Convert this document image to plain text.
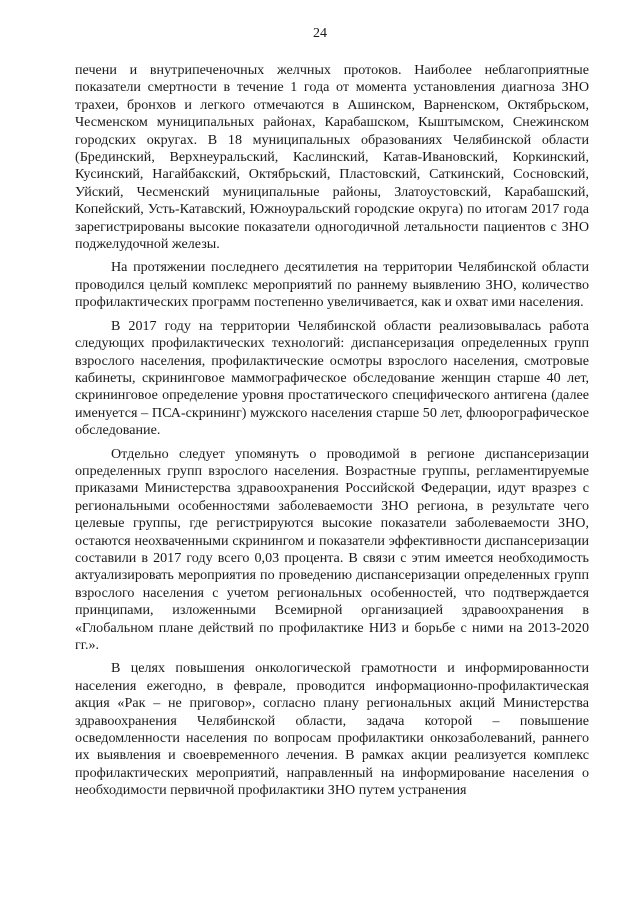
24

печени и внутрипеченочных желчных протоков. Наиболее неблагоприятные показатели смертности в течение 1 года от момента установления диагноза ЗНО трахеи, бронхов и легкого отмечаются в Ашинском, Варненском, Октябрьском, Чесменском муниципальных районах, Карабашском, Кыштымском, Снежинском городских округах. В 18 муниципальных образованиях Челябинской области (Брединский, Верхнеуральский, Каслинский, Катав-Ивановский, Коркинский, Кусинский, Нагайбакский, Октябрьский, Пластовский, Саткинский, Сосновский, Уйский, Чесменский муниципальные районы, Златоустовский, Карабашский, Копейский, Усть-Катавский, Южноуральский городские округа) по итогам 2017 года зарегистрированы высокие показатели одногодичной летальности пациентов с ЗНО поджелудочной железы.

На протяжении последнего десятилетия на территории Челябинской области проводился целый комплекс мероприятий по раннему выявлению ЗНО, количество профилактических программ постепенно увеличивается, как и охват ими населения.

В 2017 году на территории Челябинской области реализовывалась работа следующих профилактических технологий: диспансеризация определенных групп взрослого населения, профилактические осмотры взрослого населения, смотровые кабинеты, скрининговое маммографическое обследование женщин старше 40 лет, скрининговое определение уровня простатического специфического антигена (далее именуется – ПСА-скрининг) мужского населения старше 50 лет, флюорографическое обследование.

Отдельно следует упомянуть о проводимой в регионе диспансеризации определенных групп взрослого населения. Возрастные группы, регламентируемые приказами Министерства здравоохранения Российской Федерации, идут вразрез с региональными особенностями заболеваемости ЗНО региона, в результате чего целевые группы, где регистрируются высокие показатели заболеваемости ЗНО, остаются неохваченными скринингом и показатели эффективности диспансеризации составили в 2017 году всего 0,03 процента. В связи с этим имеется необходимость актуализировать мероприятия по проведению диспансеризации определенных групп взрослого населения с учетом региональных особенностей, что подтверждается принципами, изложенными Всемирной организацией здравоохранения в «Глобальном плане действий по профилактике НИЗ и борьбе с ними на 2013-2020 гг.».

В целях повышения онкологической грамотности и информированности населения ежегодно, в феврале, проводится информационно-профилактическая акция «Рак – не приговор», согласно плану региональных акций Министерства здравоохранения Челябинской области, задача которой – повышение осведомленности населения по вопросам профилактики онкозаболеваний, раннего их выявления и своевременного лечения. В рамках акции реализуется комплекс профилактических мероприятий, направленный на информирование населения о необходимости первичной профилактики ЗНО путем устранения
